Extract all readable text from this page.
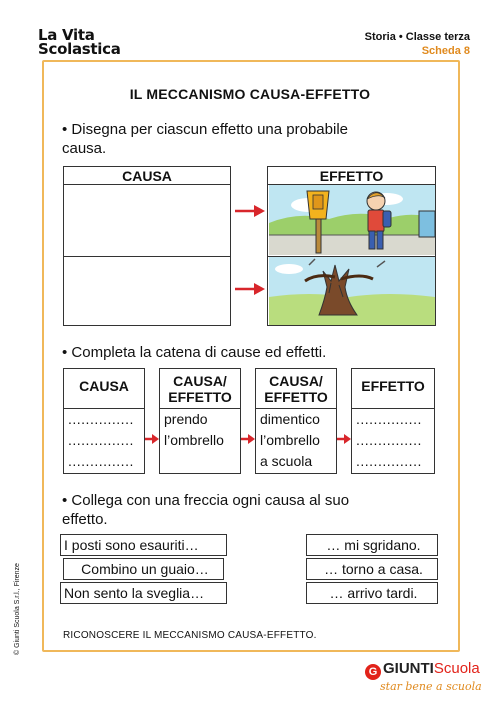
La Vita
Scolastica
Storia • Classe terza
Scheda 8
IL MECCANISMO CAUSA-EFFETTO
• Disegna per ciascun effetto una probabile
causa.
CAUSA	EFFETTO
• Completa la catena di cause ed effetti.
CAUSA
...............
...............
...............
CAUSA/
EFFETTO
prendo
l’ombrello
CAUSA/
EFFETTO
dimentico
l’ombrello
a scuola
EFFETTO
...............
...............
...............
• Collega con una freccia ogni causa al suo
effetto.
I posti sono esauriti…
Combino un guaio…
Non sento la sveglia…
… mi sgridano.
… torno a casa.
… arrivo tardi.
RICONOSCERE IL MECCANISMO CAUSA-EFFETTO.
© Giunti Scuola S.r.l., Firenze
G GIUNTIScuola
star bene a scuola
